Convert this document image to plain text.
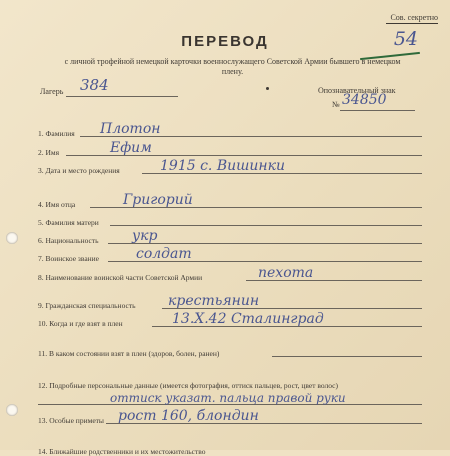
Сов. секретно
54
ПЕРЕВОД
с личной трофейной немецкой карточки военнослужащего Советской Армии бывшего в немецком плену.
Лагерь 384	Опознавательный знак
№ 34850
1. Фамилия Плотон
2. Имя	Ефим
3. Дата и место рождения	1915 с. Вишинки
4. Имя отца	Григорий
5. Фамилия матери
6. Национальность укр
7. Воинское звание	солдат
8. Наименование воинской части Советской Армии	пехота
9. Гражданская специальность крестьянин
10. Когда и где взят в плен	13.X.42 Сталинград
11. В каком состоянии взят в плен (здоров, болен, ранен)
12. Подробные персональные данные (имеется фотография, оттиск пальцев, рост, цвет волос)
оттиск указат. пальца правой руки
13. Особые приметы рост 160, блондин
14. Ближайшие родственники и их местожительство
